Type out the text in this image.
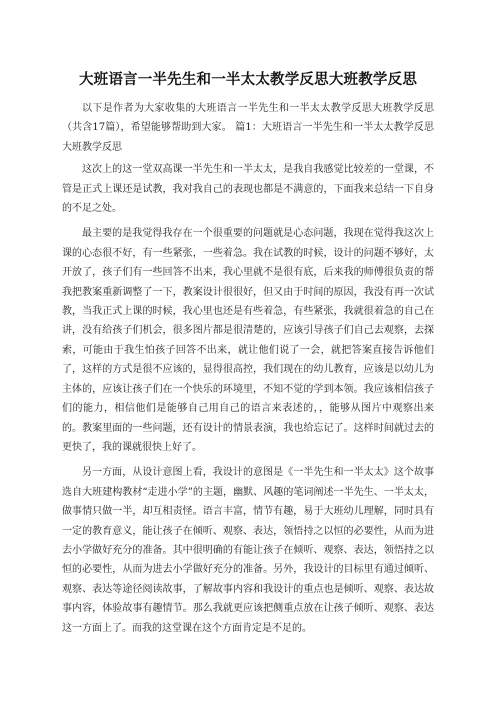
大班语言一半先生和一半太太教学反思大班教学反思

以下是作者为大家收集的大班语言一半先生和一半太太教学反思大班教学反思（共含17篇），希望能够帮助到大家。 篇1：大班语言一半先生和一半太太教学反思大班教学反思

这次上的这一堂双高课一半先生和一半太太，是我自我感觉比较差的一堂课，不管是正式上课还是试教，我对我自己的表现也都是不满意的，下面我来总结一下自身的不足之处。

最主要的是我觉得我存在一个很重要的问题就是心态问题，我现在觉得我这次上课的心态很不好，有一些紧张，一些着急。我在试教的时候，设计的问题不够好，太开放了，孩子们有一些回答不出来，我心里就不是很有底，后来我的师傅很负责的帮我把教案重新调整了一下，教案设计很很好，但又由于时间的原因，我没有再一次试教，当我正式上课的时候，我心里也还是有些着急，有些紧张，我就很着急的自己在讲，没有给孩子们机会，很多图片都是很清楚的，应该引导孩子们自己去观察，去探索，可能由于我生怕孩子回答不出来，就让他们说了一会，就把答案直接告诉他们了，这样的方式是很不应该的，显得很高控，我们现在的幼儿教育，应该是以幼儿为主体的，应该让孩子们在一个快乐的环境里，不知不觉的学到本领。我应该相信孩子们的能力，相信他们是能够自己用自己的语言来表述的，，能够从图片中观察出来的。教案里面的一些问题，还有设计的情景表演，我也给忘记了。这样时间就过去的更快了，我的课就很快上好了。

另一方面，从设计意图上看，我设计的意图是《一半先生和一半太太》这个故事选自大班建构教材“走进小学”的主题，幽默、风趣的笔词阐述一半先生、一半太太，做事情只做一半，却互相责怪。语言丰富，情节有趣，易于大班幼儿理解，同时具有一定的教育意义，能让孩子在倾听、观察、表达，领悟持之以恒的必要性，从而为进去小学做好充分的准备。其中很明确的有能让孩子在倾听、观察、表达，领悟持之以恒的必要性，从而为进去小学做好充分的准备。另外，我设计的目标里有通过倾听、观察、表达等途径阅读故事，了解故事内容和我设计的重点也是倾听、观察、表达故事内容，体验故事有趣情节。那么我就更应该把侧重点放在让孩子倾听、观察、表达这一方面上了。而我的这堂课在这个方面肯定是不足的。
